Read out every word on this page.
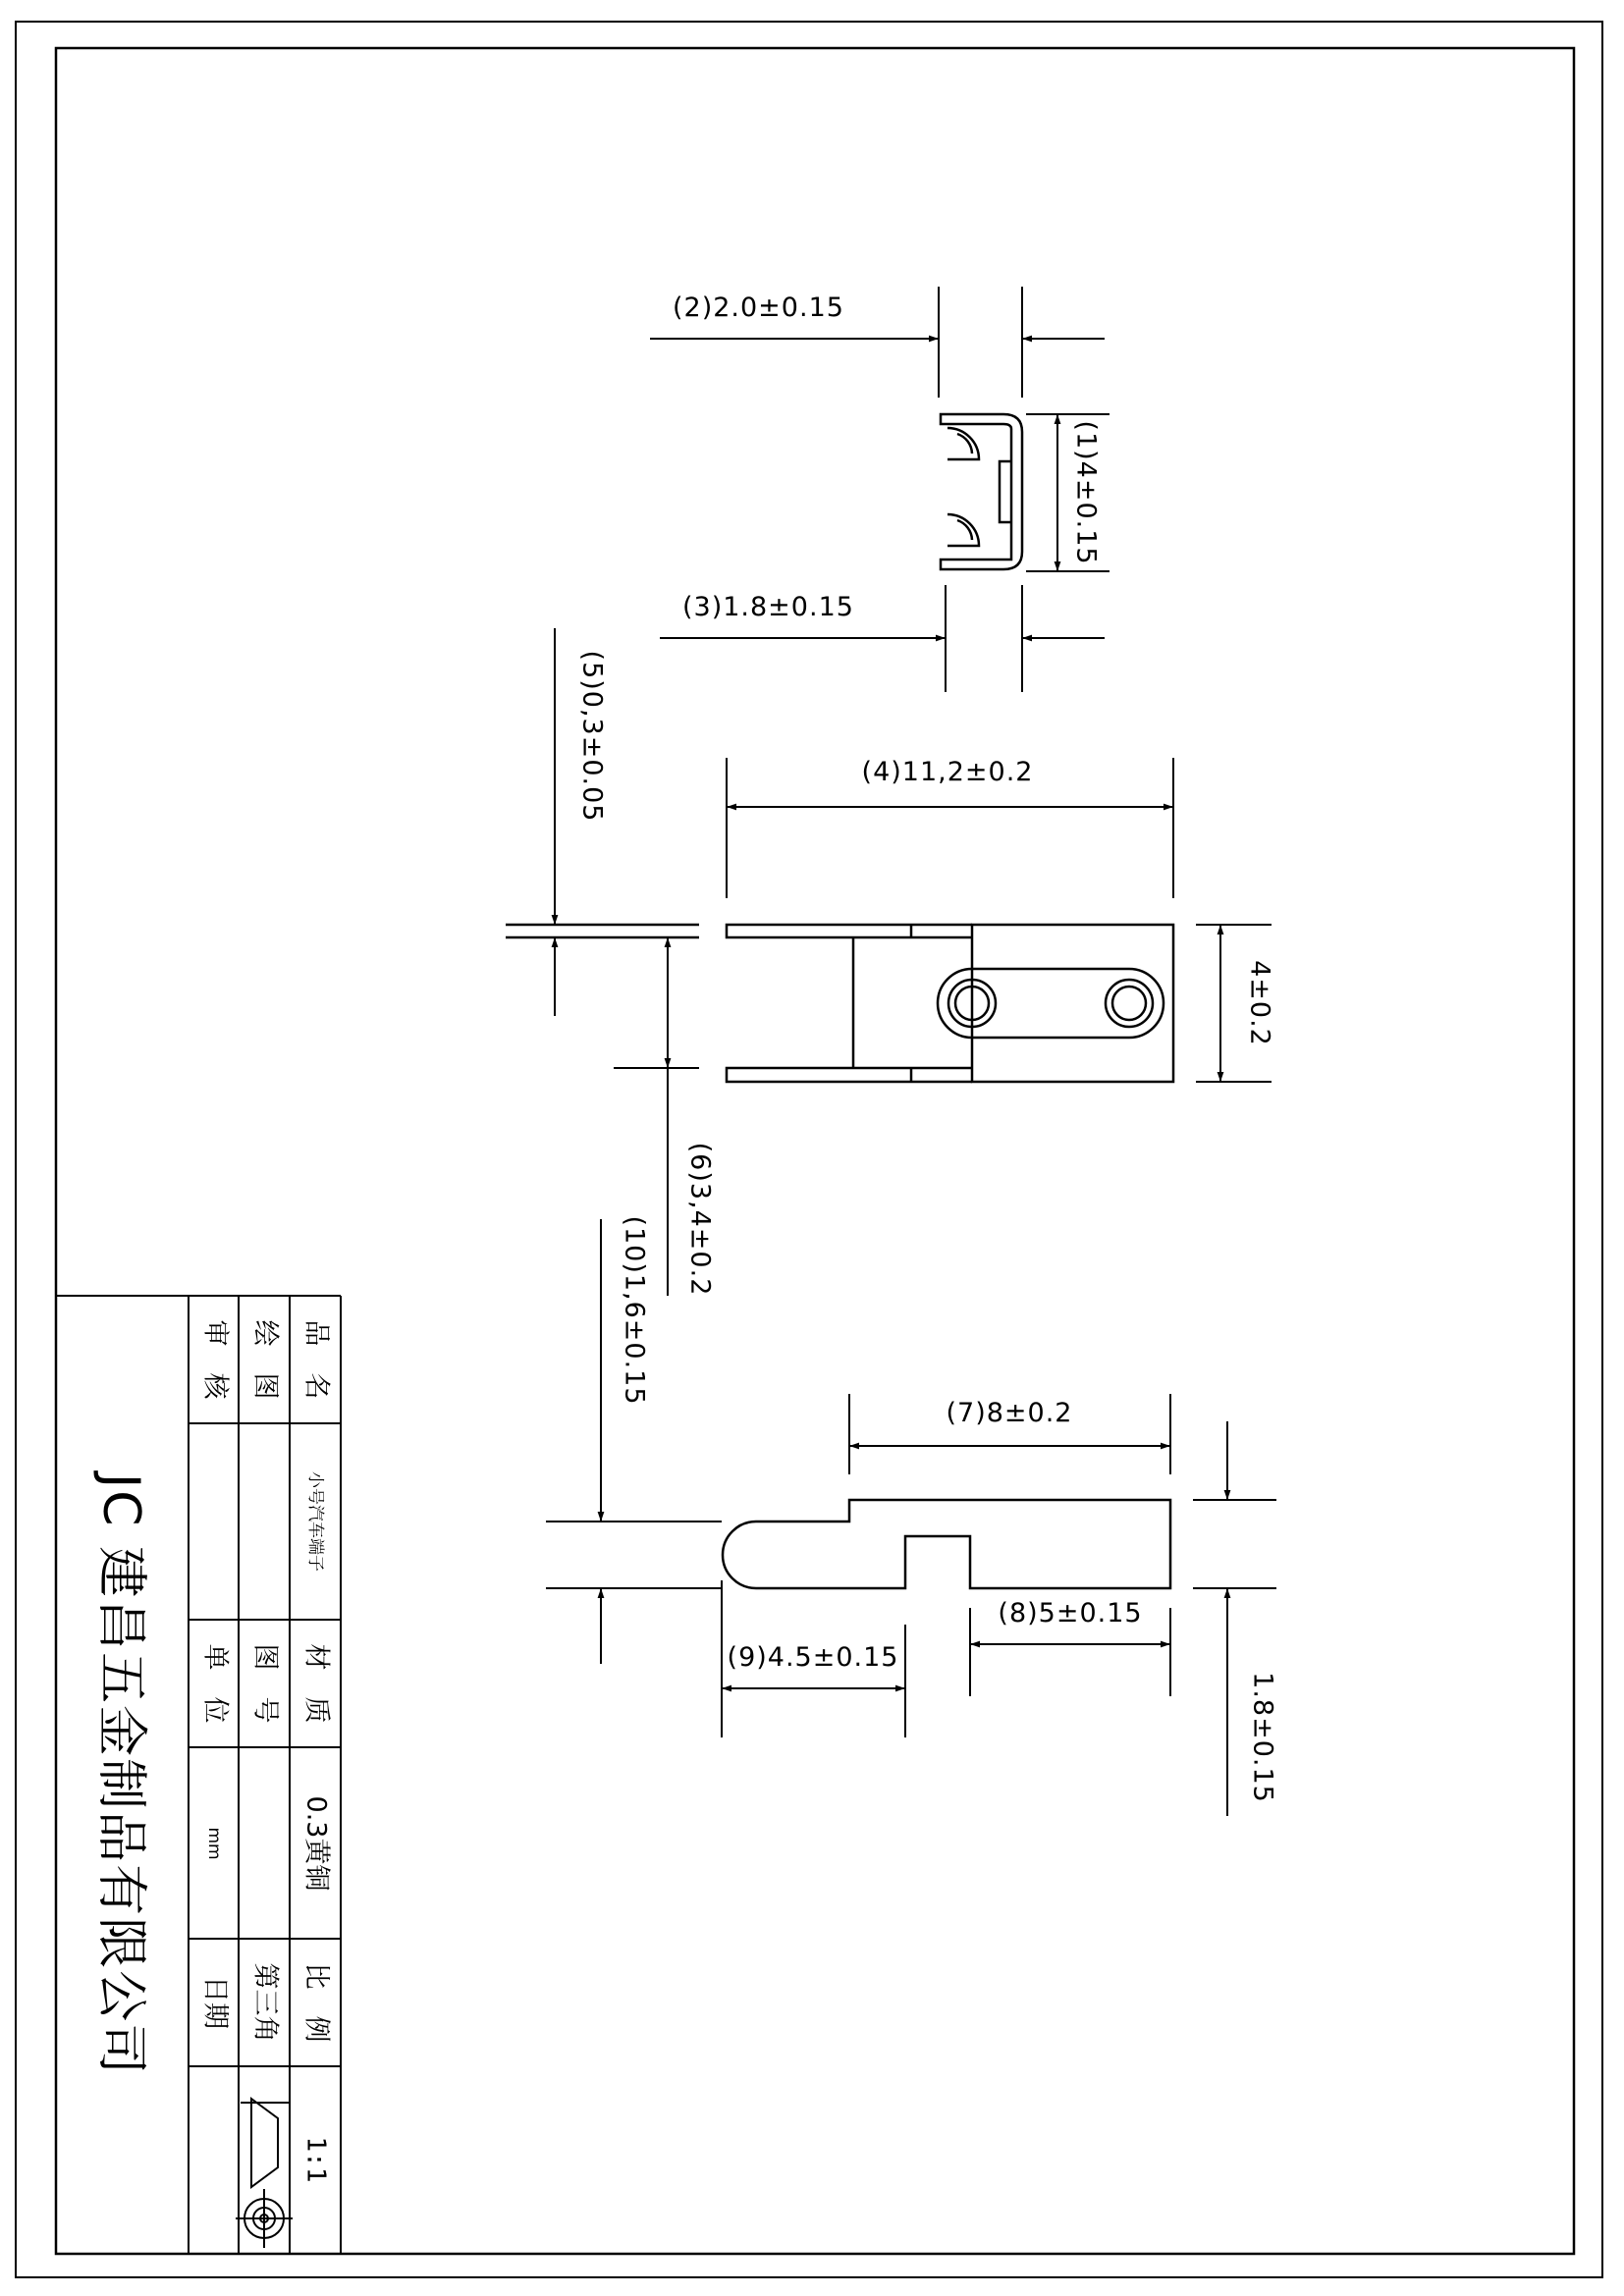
JC 建昌五金制品有限公司
品　名
小号汽车端子
材　质
0.3黄铜
比　例
1:1
绘　图
图　号
第三角
审　核
单　位
mm
日期
(2)2.0±0.15
(1)4±0.15
(3)1.8±0.15
(4)11,2±0.2
4±0.2
(5)0,3±0.05
(6)3,4±0.2
(7)8±0.2
(8)5±0.15
(9)4.5±0.15
(10)1,6±0.15
1.8±0.15
